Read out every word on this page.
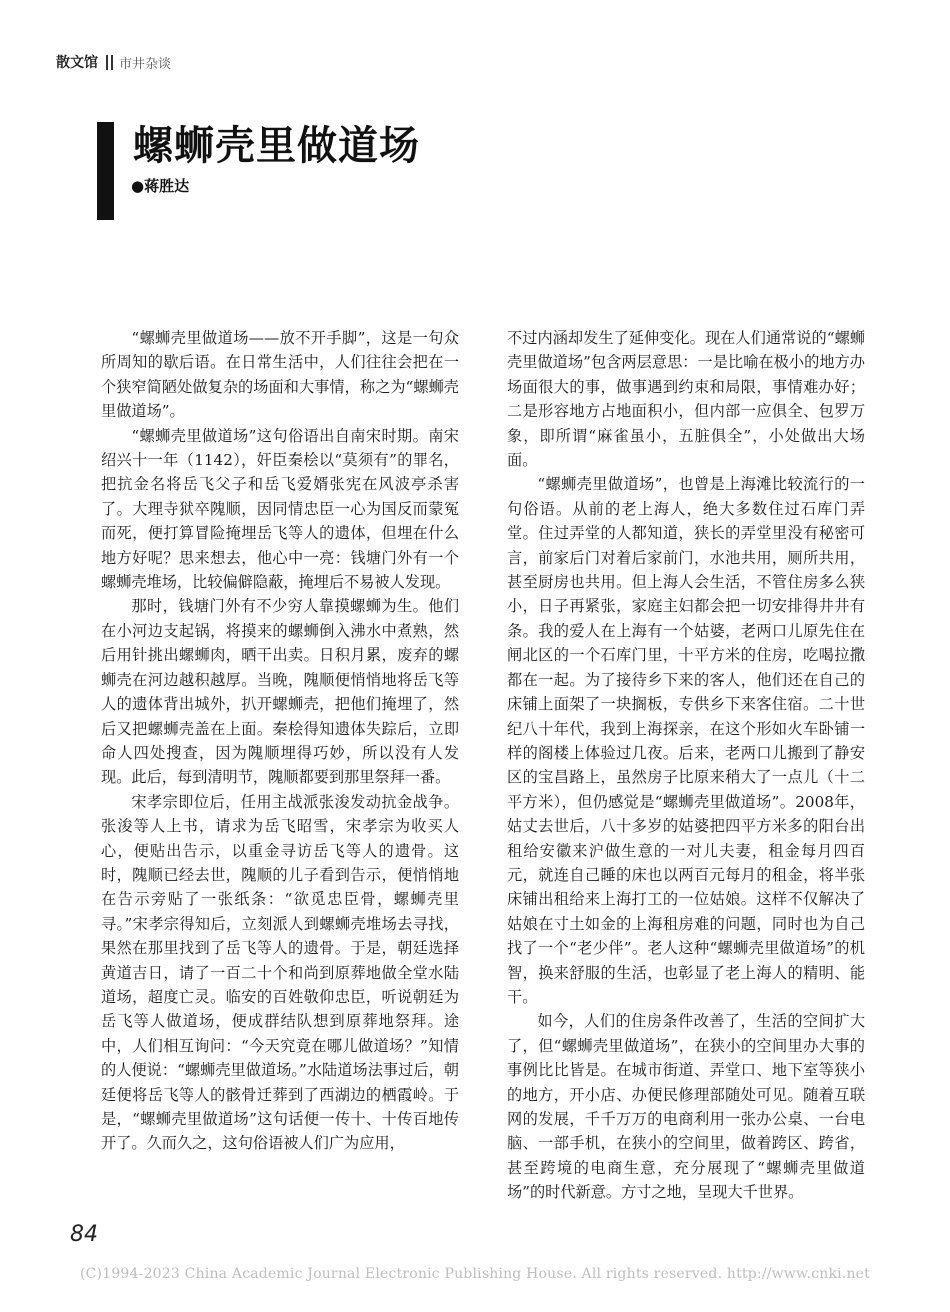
散文馆 市井杂谈
螺蛳壳里做道场
●蒋胜达

“螺蛳壳里做道场——放不开手脚”，这是一句众所周知的歇后语。在日常生活中，人们往往会把在一个狭窄简陋处做复杂的场面和大事情，称之为“螺蛳壳里做道场”。

“螺蛳壳里做道场”这句俗语出自南宋时期。南宋绍兴十一年（1142），奸臣秦桧以“莫须有”的罪名，把抗金名将岳飞父子和岳飞爱婿张宪在风波亭杀害了。大理寺狱卒隗顺，因同情忠臣一心为国反而蒙冤而死，便打算冒险掩埋岳飞等人的遗体，但埋在什么地方好呢？思来想去，他心中一亮：钱塘门外有一个螺蛳壳堆场，比较偏僻隐蔽，掩埋后不易被人发现。

那时，钱塘门外有不少穷人靠摸螺蛳为生。他们在小河边支起锅，将摸来的螺蛳倒入沸水中煮熟，然后用针挑出螺蛳肉，晒干出卖。日积月累，废弃的螺蛳壳在河边越积越厚。当晚，隗顺便悄悄地将岳飞等人的遗体背出城外，扒开螺蛳壳，把他们掩埋了，然后又把螺蛳壳盖在上面。秦桧得知遗体失踪后，立即命人四处搜查，因为隗顺埋得巧妙，所以没有人发现。此后，每到清明节，隗顺都要到那里祭拜一番。

宋孝宗即位后，任用主战派张浚发动抗金战争。张浚等人上书，请求为岳飞昭雪，宋孝宗为收买人心，便贴出告示，以重金寻访岳飞等人的遗骨。这时，隗顺已经去世，隗顺的儿子看到告示，便悄悄地在告示旁贴了一张纸条：“欲觅忠臣骨，螺蛳壳里寻。”宋孝宗得知后，立刻派人到螺蛳壳堆场去寻找，果然在那里找到了岳飞等人的遗骨。于是，朝廷选择黄道吉日，请了一百二十个和尚到原葬地做全堂水陆道场，超度亡灵。临安的百姓敬仰忠臣，听说朝廷为岳飞等人做道场，便成群结队想到原葬地祭拜。途中，人们相互询问：“今天究竟在哪儿做道场？”知情的人便说：“螺蛳壳里做道场。”水陆道场法事过后，朝廷便将岳飞等人的骸骨迁葬到了西湖边的栖霞岭。于是，“螺蛳壳里做道场”这句话便一传十、十传百地传开了。久而久之，这句俗语被人们广为应用，

不过内涵却发生了延伸变化。现在人们通常说的“螺蛳壳里做道场”包含两层意思：一是比喻在极小的地方办场面很大的事，做事遇到约束和局限，事情难办好；二是形容地方占地面积小，但内部一应俱全、包罗万象，即所谓“麻雀虽小，五脏俱全”，小处做出大场面。

“螺蛳壳里做道场”，也曾是上海滩比较流行的一句俗语。从前的老上海人，绝大多数住过石库门弄堂。住过弄堂的人都知道，狭长的弄堂里没有秘密可言，前家后门对着后家前门，水池共用，厕所共用，甚至厨房也共用。但上海人会生活，不管住房多么狭小，日子再紧张，家庭主妇都会把一切安排得井井有条。我的爱人在上海有一个姑婆，老两口儿原先住在闸北区的一个石库门里，十平方米的住房，吃喝拉撒都在一起。为了接待乡下来的客人，他们还在自己的床铺上面架了一块搁板，专供乡下来客住宿。二十世纪八十年代，我到上海探亲，在这个形如火车卧铺一样的阁楼上体验过几夜。后来，老两口儿搬到了静安区的宝昌路上，虽然房子比原来稍大了一点儿（十二平方米），但仍感觉是“螺蛳壳里做道场”。2008年，姑丈去世后，八十多岁的姑婆把四平方米多的阳台出租给安徽来沪做生意的一对儿夫妻，租金每月四百元，就连自己睡的床也以两百元每月的租金，将半张床铺出租给来上海打工的一位姑娘。这样不仅解决了姑娘在寸土如金的上海租房难的问题，同时也为自己找了一个“老少伴”。老人这种“螺蛳壳里做道场”的机智，换来舒服的生活，也彰显了老上海人的精明、能干。

如今，人们的住房条件改善了，生活的空间扩大了，但“螺蛳壳里做道场”，在狭小的空间里办大事的事例比比皆是。在城市街道、弄堂口、地下室等狭小的地方，开小店、办便民修理部随处可见。随着互联网的发展，千千万万的电商利用一张办公桌、一台电脑、一部手机，在狭小的空间里，做着跨区、跨省，甚至跨境的电商生意，充分展现了“螺蛳壳里做道场”的时代新意。方寸之地，呈现大千世界。

84
(C)1994-2023 China Academic Journal Electronic Publishing House. All rights reserved. http://www.cnki.net
